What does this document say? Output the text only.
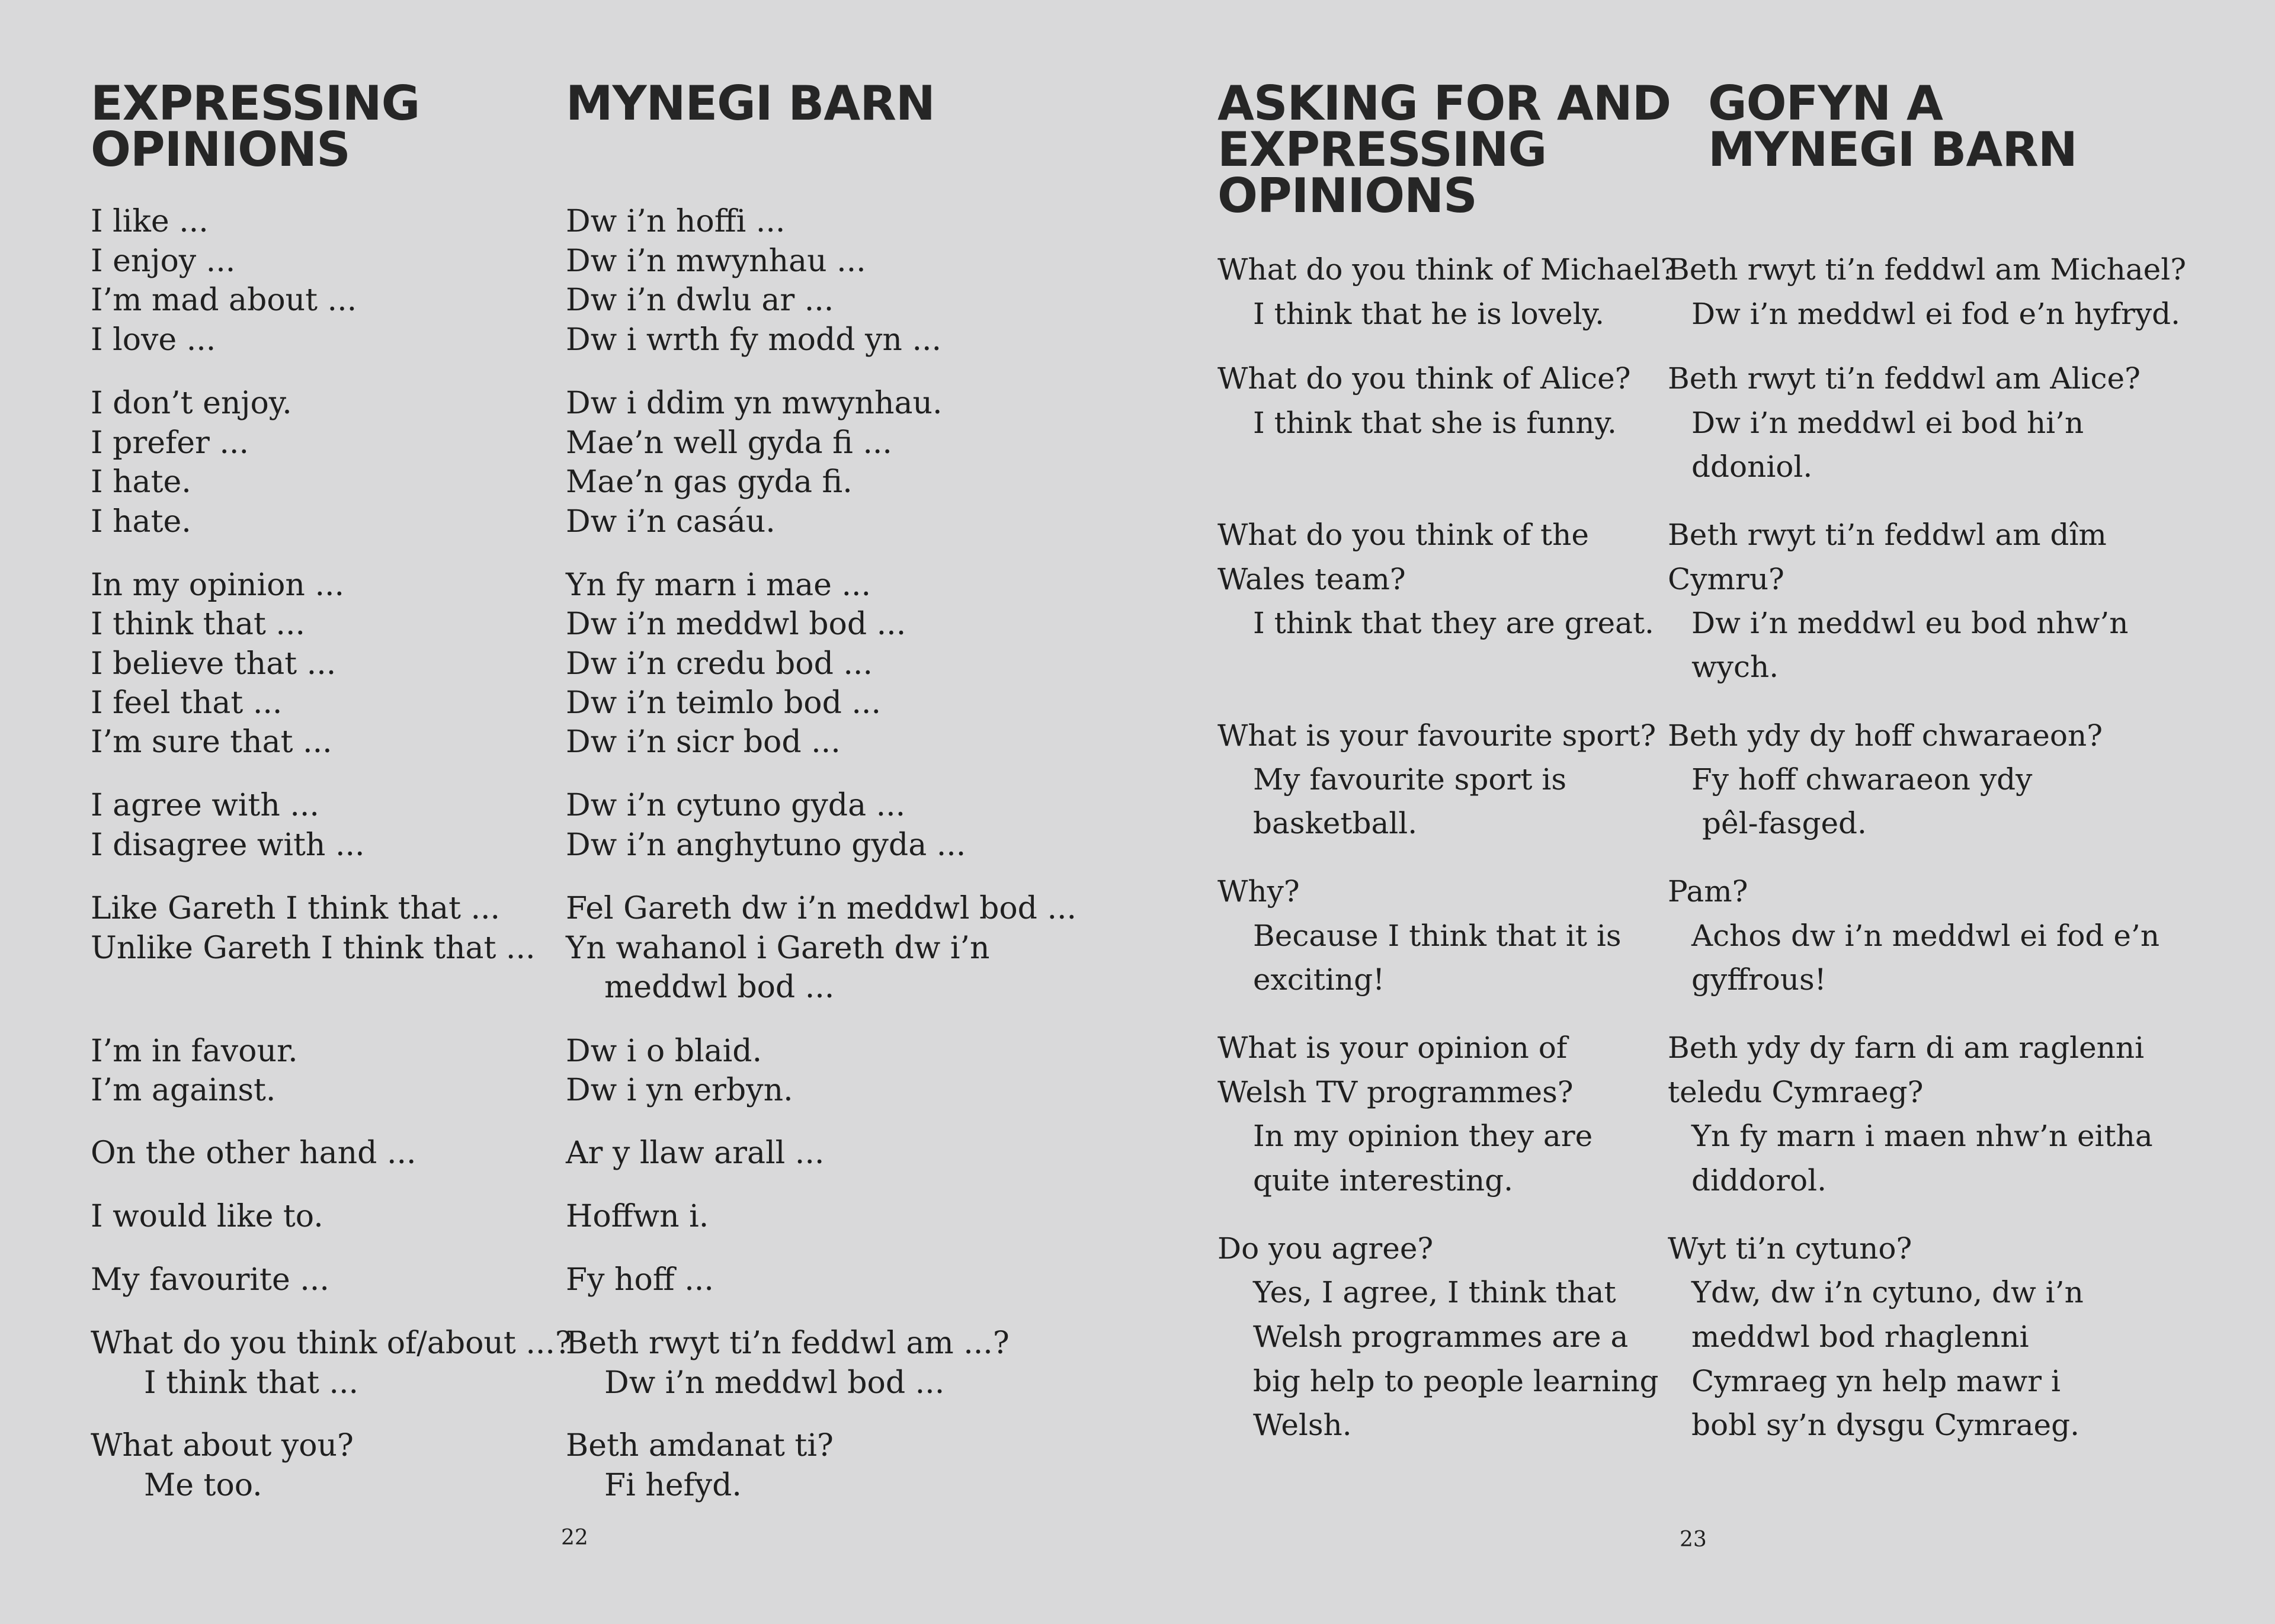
EXPRESSING
OPINIONS
MYNEGI BARN
I like ...
I enjoy ...
I’m mad about ...
I love ...
I don’t enjoy.
I prefer ...
I hate.
I hate.
In my opinion ...
I think that ...
I believe that ...
I feel that ...
I’m sure that ...
I agree with ...
I disagree with ...
Like Gareth I think that ...
Unlike Gareth I think that ...
I’m in favour.
I’m against.
On the other hand ...
I would like to.
My favourite ...
What do you think of/about ...?
I think that ...
What about you?
Me too.
Dw i’n hoffi ...
Dw i’n mwynhau ...
Dw i’n dwlu ar ...
Dw i wrth fy modd yn ...
Dw i ddim yn mwynhau.
Mae’n well gyda fi ...
Mae’n gas gyda fi.
Dw i’n casáu.
Yn fy marn i mae ...
Dw i’n meddwl bod ...
Dw i’n credu bod ...
Dw i’n teimlo bod ...
Dw i’n sicr bod ...
Dw i’n cytuno gyda ...
Dw i’n anghytuno gyda ...
Fel Gareth dw i’n meddwl bod ...
Yn wahanol i Gareth dw i’n
meddwl bod ...
Dw i o blaid.
Dw i yn erbyn.
Ar y llaw arall ...
Hoffwn i.
Fy hoff ...
Beth rwyt ti’n feddwl am ...?
Dw i’n meddwl bod ...
Beth amdanat ti?
Fi hefyd.
22
ASKING FOR AND
EXPRESSING
OPINIONS
GOFYN A
MYNEGI BARN
What do you think of Michael?
I think that he is lovely.
What do you think of Alice?
I think that she is funny.
What do you think of the
Wales team?
I think that they are great.
What is your favourite sport?
My favourite sport is
basketball.
Why?
Because I think that it is
exciting!
What is your opinion of
Welsh TV programmes?
In my opinion they are
quite interesting.
Do you agree?
Yes, I agree, I think that
Welsh programmes are a
big help to people learning
Welsh.
Beth rwyt ti’n feddwl am Michael?
Dw i’n meddwl ei fod e’n hyfryd.
Beth rwyt ti’n feddwl am Alice?
Dw i’n meddwl ei bod hi’n
ddoniol.
Beth rwyt ti’n feddwl am dîm
Cymru?
Dw i’n meddwl eu bod nhw’n
wych.
Beth ydy dy hoff chwaraeon?
Fy hoff chwaraeon ydy
pêl-fasged.
Pam?
Achos dw i’n meddwl ei fod e’n
gyffrous!
Beth ydy dy farn di am raglenni
teledu Cymraeg?
Yn fy marn i maen nhw’n eitha
diddorol.
Wyt ti’n cytuno?
Ydw, dw i’n cytuno, dw i’n
meddwl bod rhaglenni
Cymraeg yn help mawr i
bobl sy’n dysgu Cymraeg.
23
